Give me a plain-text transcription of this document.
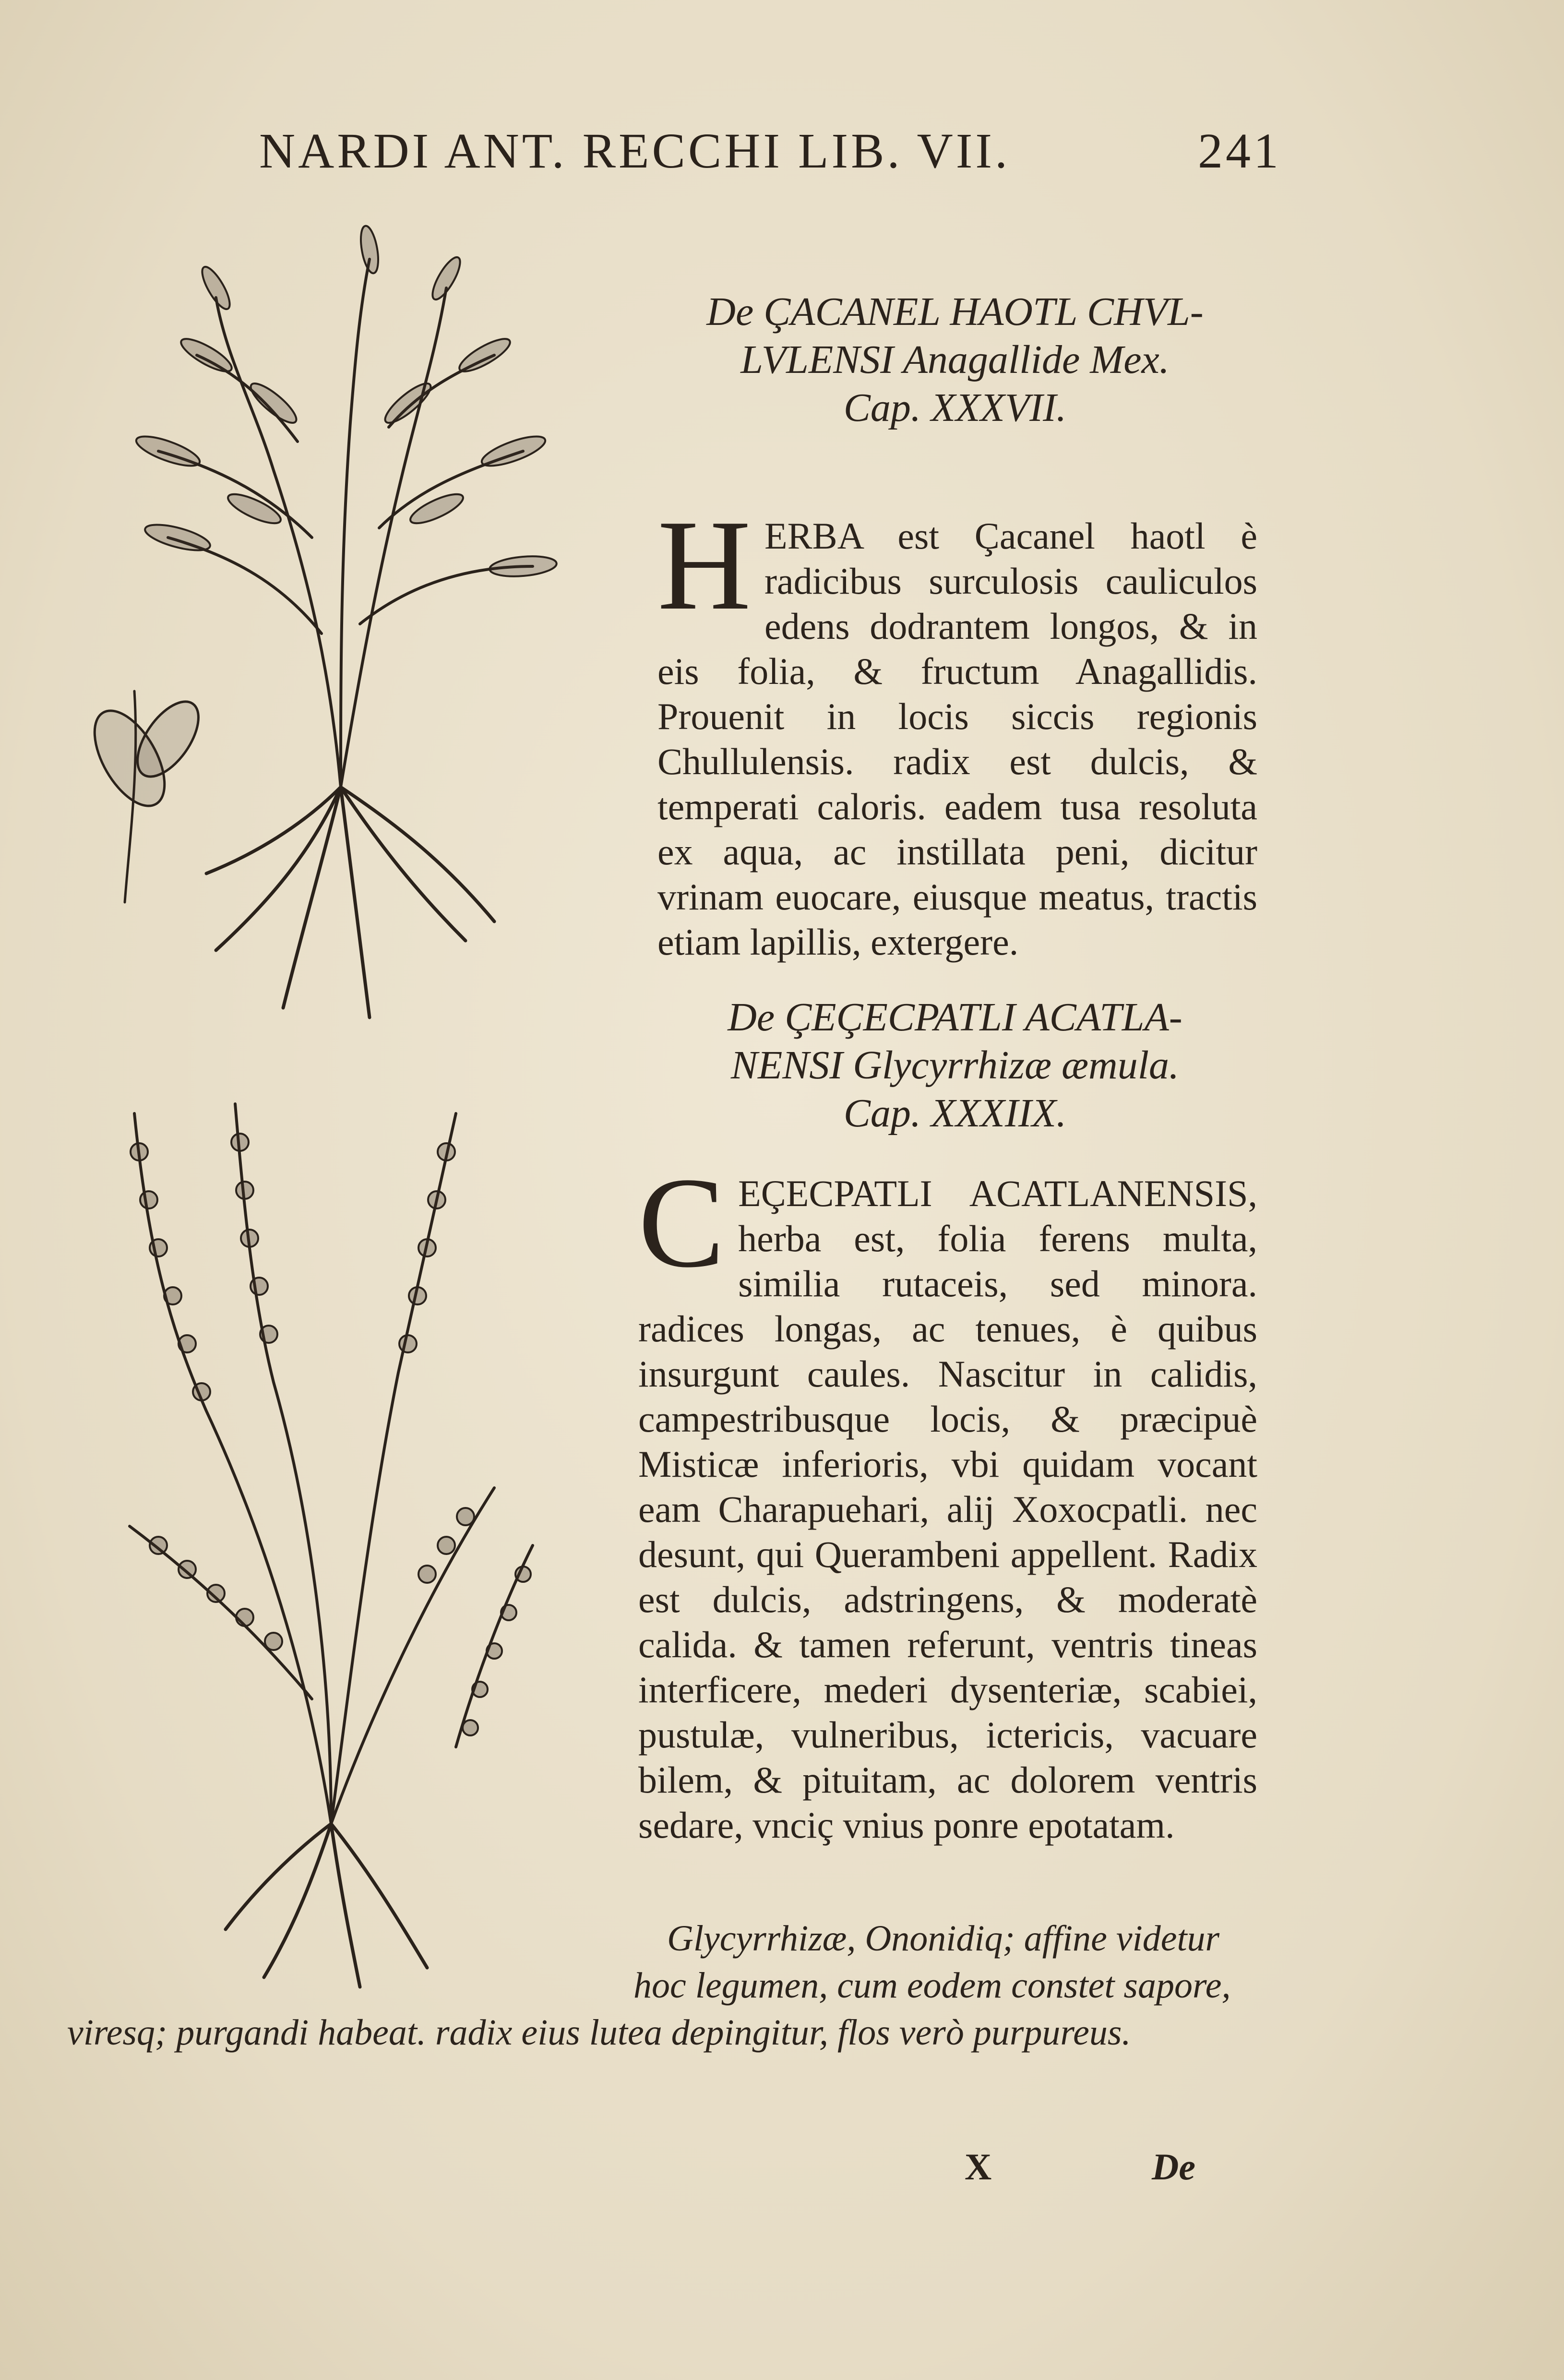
NARDI ANT. RECCHI LIB. VII.	241
De ÇACANEL HAOTL CHVL-
LVLENSI Anagallide Mex.
Cap. XXXVII.
H ERBA est Çacanel haotl è radicibus surculosis cauliculos edens dodrantem longos, & in eis folia, & fructum Anagallidis. Prouenit in locis siccis regionis Chullulensis. radix est dulcis, & temperati caloris. eadem tusa resoluta ex aqua, ac instillata peni, dicitur vrinam euocare, eiusque meatus, tractis etiam lapillis, extergere.

De ÇEÇECPATLI ACATLA-
NENSI Glycyrrhizæ æmula.
Cap. XXXIIX.
C EÇECPATLI ACATLANENSIS, herba est, folia ferens multa, similia rutaceis, sed minora. radices longas, ac tenues, è quibus insurgunt caules. Nascitur in calidis, campestribusque locis, & præcipuè Misticæ inferioris, vbi quidam vocant eam Charapuehari, alij Xoxocpatli. nec desunt, qui Querambeni appellent. Radix est dulcis, adstringens, & moderatè calida. & tamen referunt, ventris tineas interficere, mederi dysenteriæ, scabiei, pustulæ, vulneribus, ictericis, vacuare bilem, & pituitam, ac dolorem ventris sedare, vnciç vnius ponre epotatam.

Glycyrrhizæ, Ononidiq; affine videtur
hoc legumen, cum eodem constet sapore,
viresq; purgandi habeat. radix eius lutea depingitur, flos verò purpureus.
X	De
